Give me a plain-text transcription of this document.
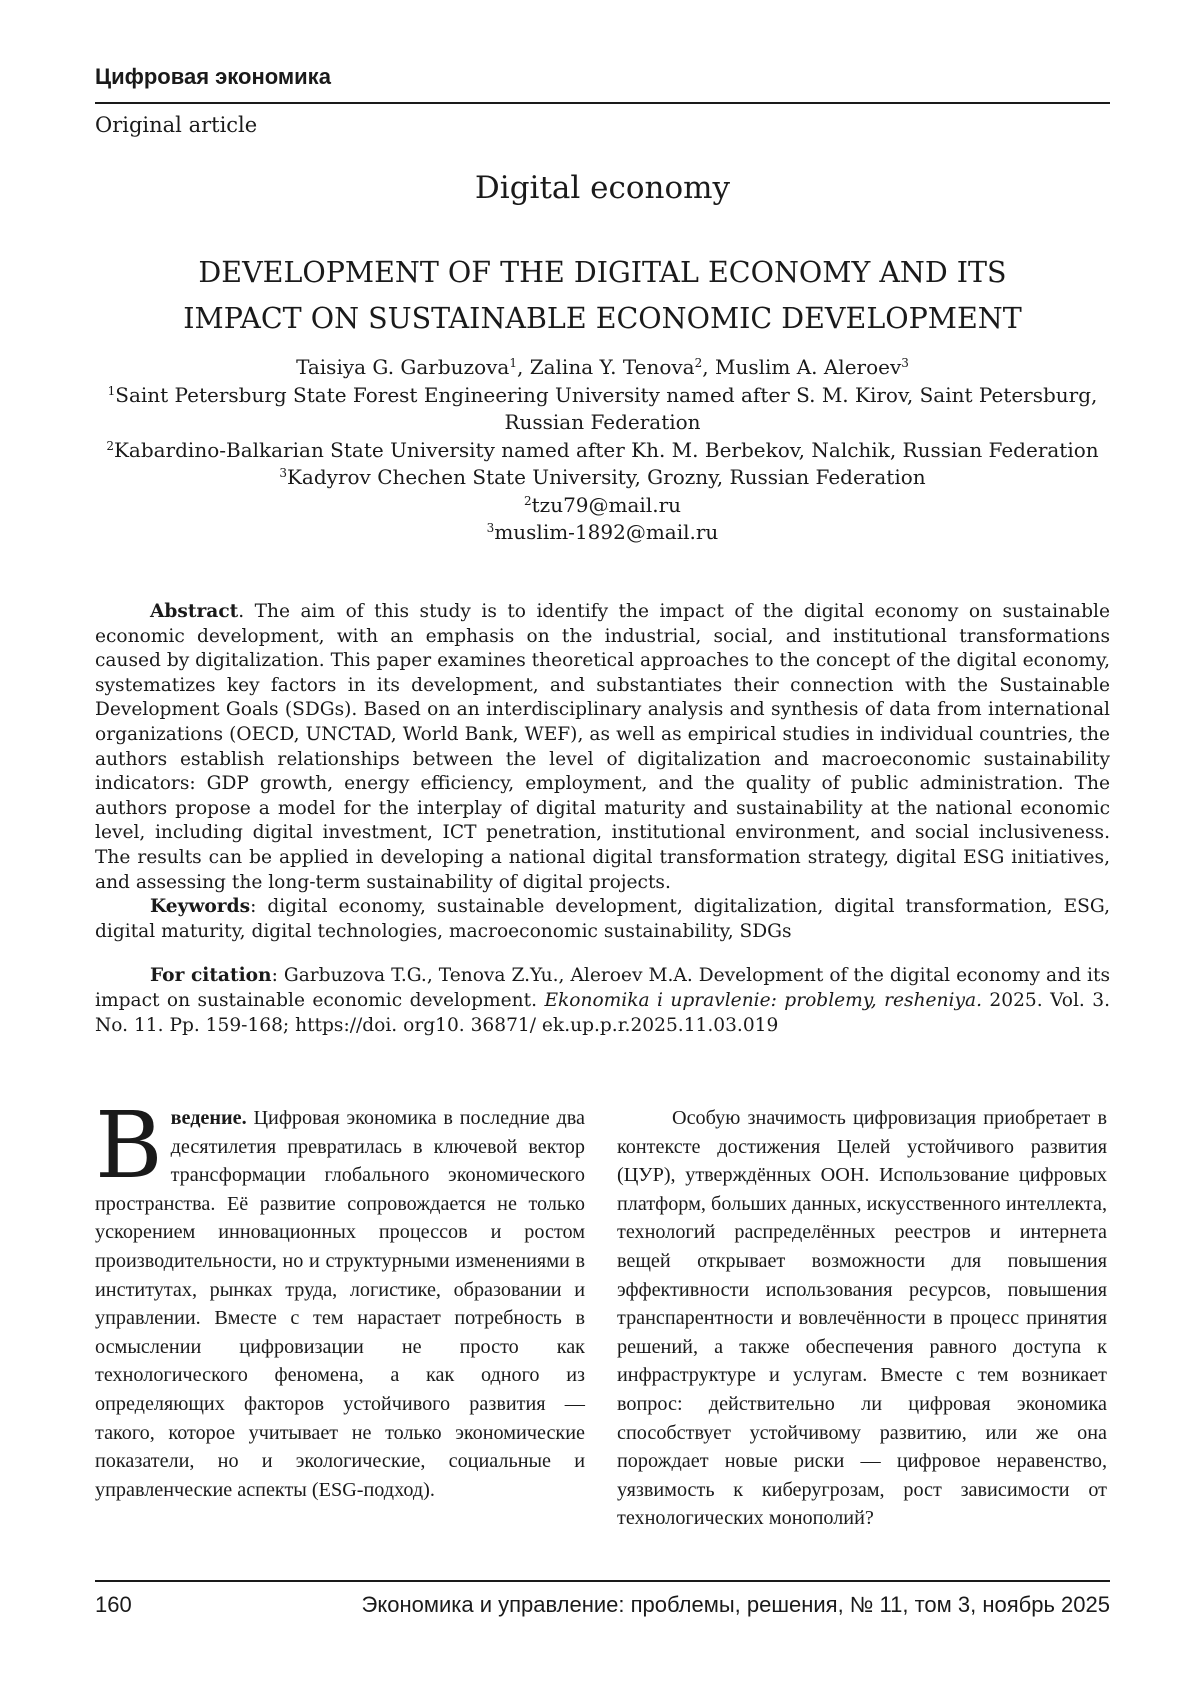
Цифровая экономика
Original article
Digital economy
DEVELOPMENT OF THE DIGITAL ECONOMY AND ITS
IMPACT ON SUSTAINABLE ECONOMIC DEVELOPMENT
Taisiya G. Garbuzova$^1$, Zalina Y. Tenova$^2$, Muslim A. Aleroev$^3$
$^1$Saint Petersburg State Forest Engineering University named after S. M. Kirov, Saint Petersburg, Russian Federation
$^2$Kabardino-Balkarian State University named after Kh. M. Berbekov, Nalchik, Russian Federation
$^3$Kadyrov Chechen State University, Grozny, Russian Federation
$^2$tzu79@mail.ru
$^3$muslim-1892@mail.ru

Abstract. The aim of this study is to identify the impact of the digital economy on sustainable economic development, with an emphasis on the industrial, social, and institutional transformations caused by digitalization. This paper examines theoretical approaches to the concept of the digital economy, systematizes key factors in its development, and substantiates their connection with the Sustainable Development Goals (SDGs). Based on an interdisciplinary analysis and synthesis of data from international organizations (OECD, UNCTAD, World Bank, WEF), as well as empirical studies in individual countries, the authors establish relationships between the level of digitalization and macroeconomic sustainability indicators: GDP growth, energy efficiency, employment, and the quality of public administration. The authors propose a model for the interplay of digital maturity and sustainability at the national economic level, including digital investment, ICT penetration, institutional environment, and social inclusiveness. The results can be applied in developing a national digital transformation strategy, digital ESG initiatives, and assessing the long-term sustainability of digital projects.

Keywords: digital economy, sustainable development, digitalization, digital transformation, ESG, digital maturity, digital technologies, macroeconomic sustainability, SDGs

For citation: Garbuzova T.G., Tenova Z.Yu., Aleroev M.A. Development of the digital economy and its impact on sustainable economic development. Ekonomika i upravlenie: problemy, resheniya. 2025. Vol. 3. No. 11. Pp. 159-168; https://doi. org10. 36871/ ek.up.p.r.2025.11.03.019

Введение. Цифровая экономика в последние два десятилетия превратилась в ключевой вектор трансформации глобального экономического пространства. Её развитие сопровождается не только ускорением инновационных процессов и ростом производительности, но и структурными изменениями в институтах, рынках труда, логистике, образовании и управлении. Вместе с тем нарастает потребность в осмыслении цифровизации не просто как технологического феномена, а как одного из определяющих факторов устойчивого развития — такого, которое учитывает не только экономические показатели, но и экологические, социальные и управленческие аспекты (ESG-подход).

Особую значимость цифровизация приобретает в контексте достижения Целей устойчивого развития (ЦУР), утверждённых ООН. Использование цифровых платформ, больших данных, искусственного интеллекта, технологий распределённых реестров и интернета вещей открывает возможности для повышения эффективности использования ресурсов, повышения транспарентности и вовлечённости в процесс принятия решений, а также обеспечения равного доступа к инфраструктуре и услугам. Вместе с тем возникает вопрос: действительно ли цифровая экономика способствует устойчивому развитию, или же она порождает новые риски — цифровое неравенство, уязвимость к киберугрозам, рост зависимости от технологических монополий?

160	Экономика и управление: проблемы, решения, № 11, том 3, ноябрь 2025
